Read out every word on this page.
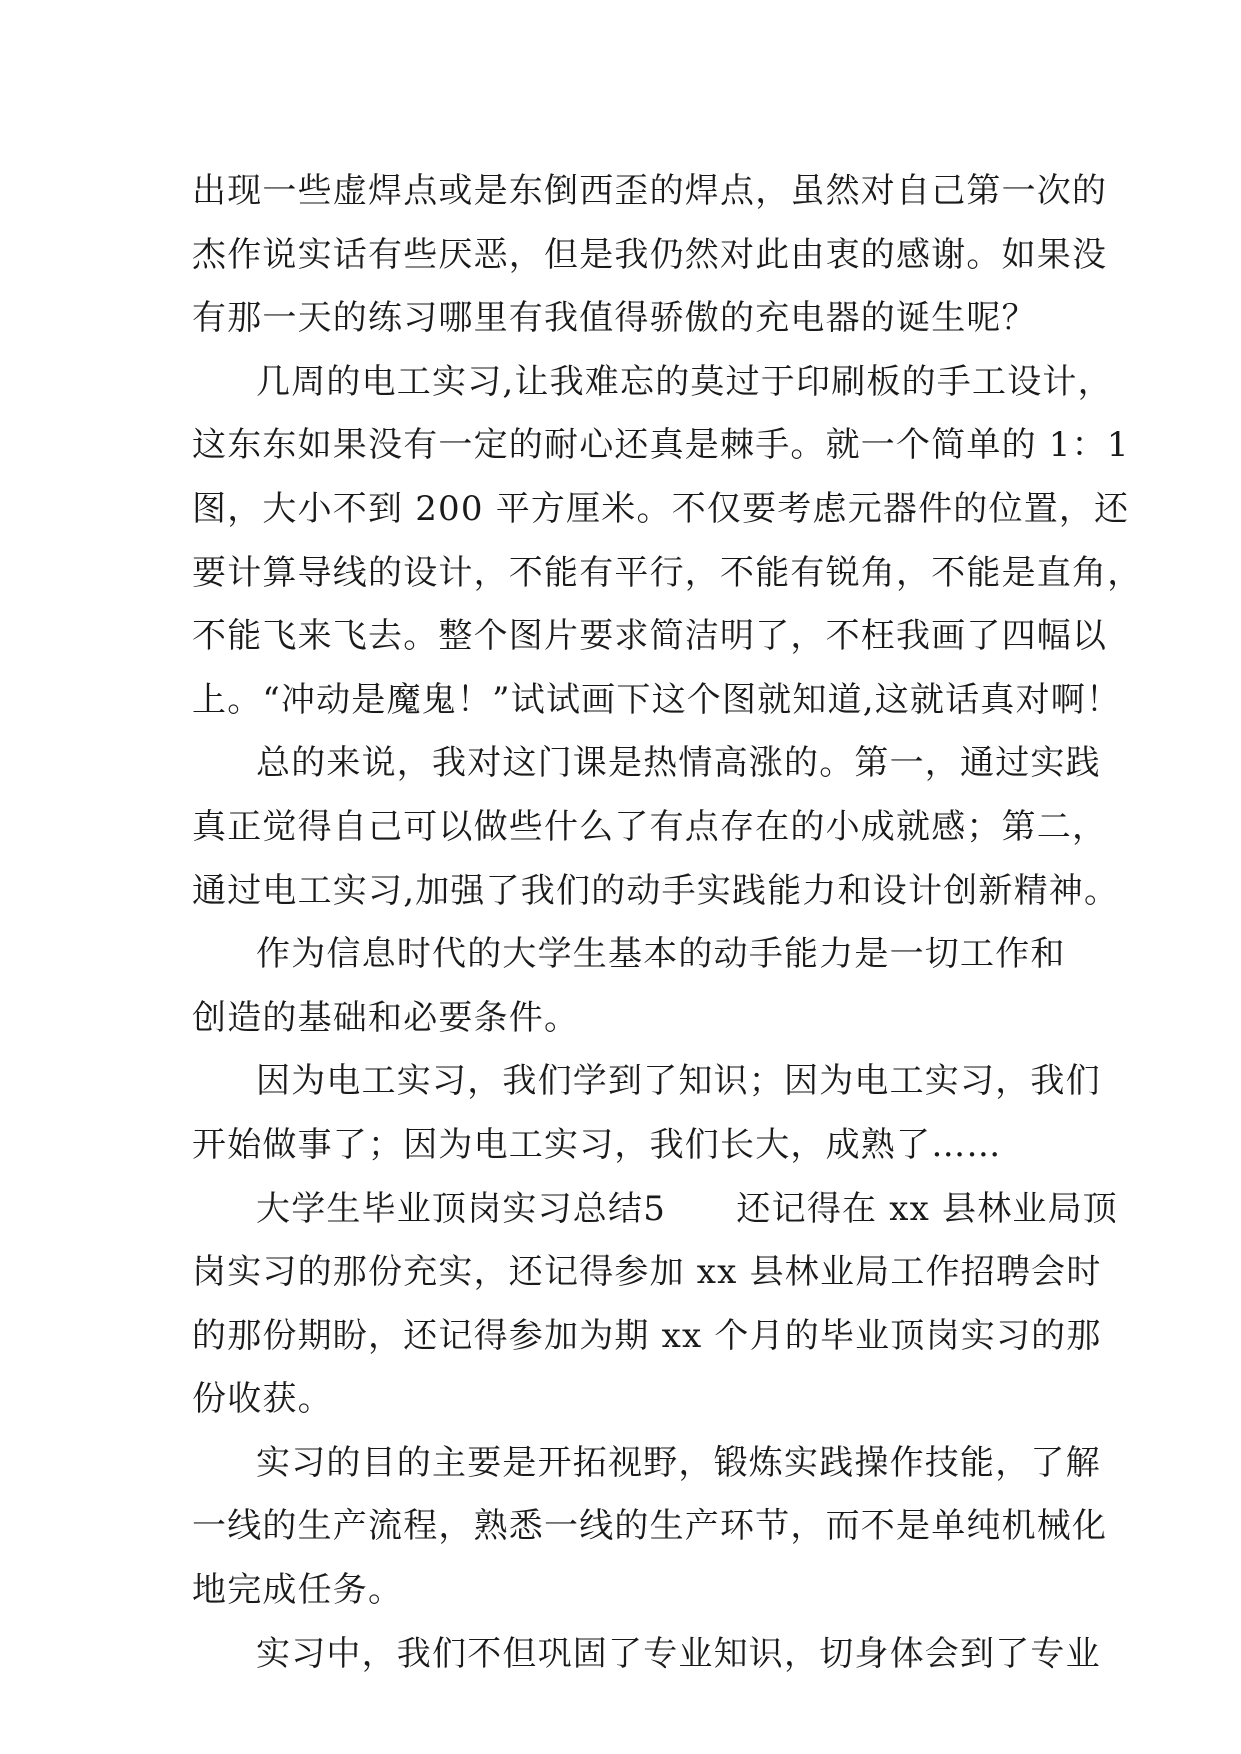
出现一些虚焊点或是东倒西歪的焊点，虽然对自己第一次的
杰作说实话有些厌恶，但是我仍然对此由衷的感谢。如果没
有那一天的练习哪里有我值得骄傲的充电器的诞生呢？
几周的电工实习,让我难忘的莫过于印刷板的手工设计，
这东东如果没有一定的耐心还真是棘手。就一个简单的 1：1
图，大小不到 200 平方厘米。不仅要考虑元器件的位置，还
要计算导线的设计，不能有平行，不能有锐角，不能是直角，
不能飞来飞去。整个图片要求简洁明了，不枉我画了四幅以
上。“冲动是魔鬼！”试试画下这个图就知道,这就话真对啊！
总的来说，我对这门课是热情高涨的。第一，通过实践
真正觉得自己可以做些什么了有点存在的小成就感；第二，
通过电工实习,加强了我们的动手实践能力和设计创新精神。
作为信息时代的大学生基本的动手能力是一切工作和
创造的基础和必要条件。
因为电工实习，我们学到了知识；因为电工实习，我们
开始做事了；因为电工实习，我们长大，成熟了……
大学生毕业顶岗实习总结5　　还记得在 xx 县林业局顶
岗实习的那份充实，还记得参加 xx 县林业局工作招聘会时
的那份期盼，还记得参加为期 xx 个月的毕业顶岗实习的那
份收获。
实习的目的主要是开拓视野，锻炼实践操作技能，了解
一线的生产流程，熟悉一线的生产环节，而不是单纯机械化
地完成任务。
实习中，我们不但巩固了专业知识，切身体会到了专业
